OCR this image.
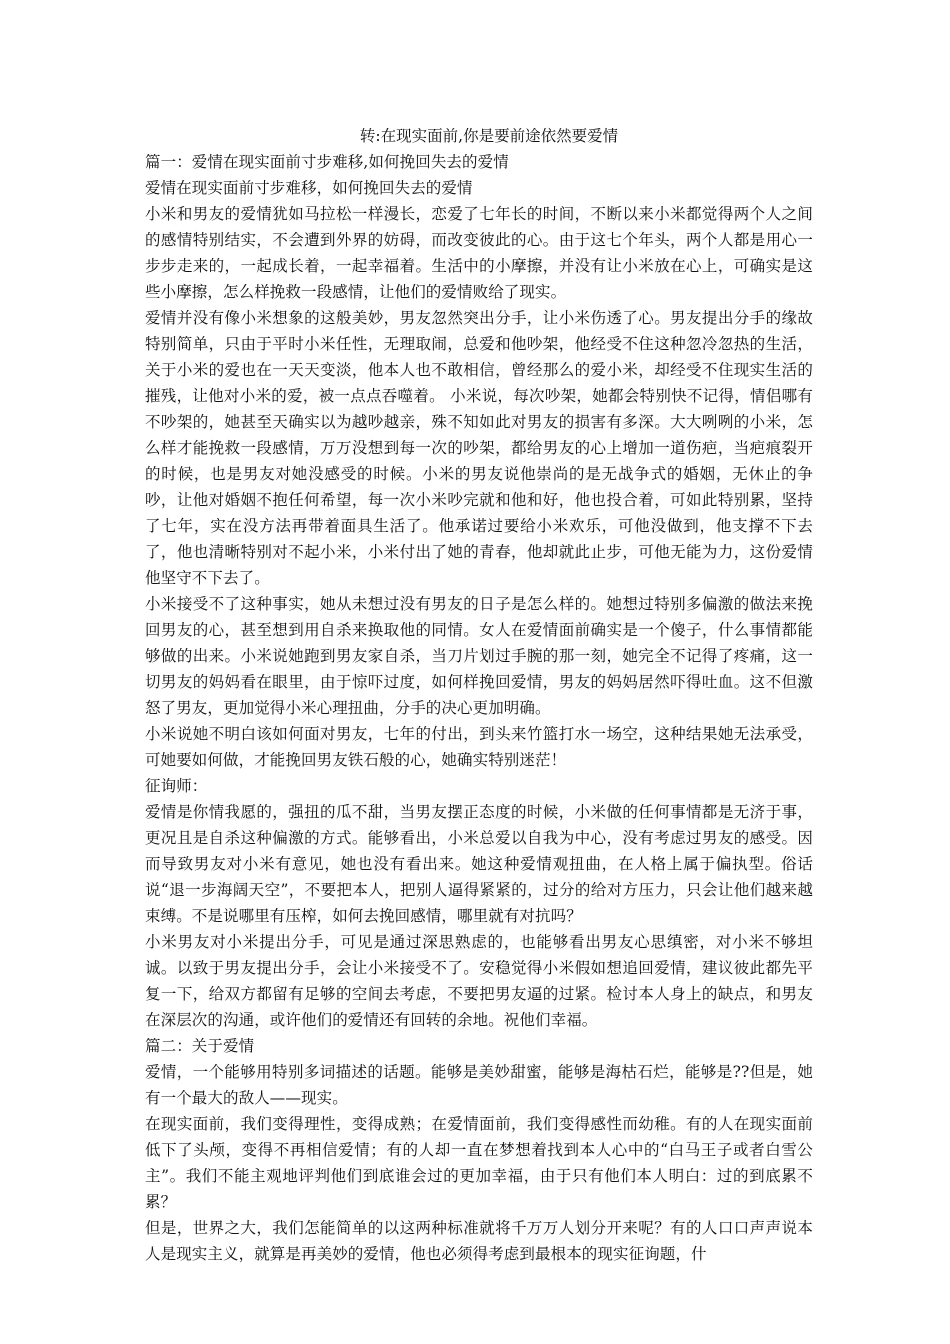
转:在现实面前,你是要前途依然要爱情

篇一：爱情在现实面前寸步难移,如何挽回失去的爱情

爱情在现实面前寸步难移，如何挽回失去的爱情

小米和男友的爱情犹如马拉松一样漫长，恋爱了七年长的时间，不断以来小米都觉得两个人之间的感情特别结实，不会遭到外界的妨碍，而改变彼此的心。由于这七个年头，两个人都是用心一步步走来的，一起成长着，一起幸福着。生活中的小摩擦，并没有让小米放在心上，可确实是这些小摩擦，怎么样挽救一段感情，让他们的爱情败给了现实。

爱情并没有像小米想象的这般美妙，男友忽然突出分手，让小米伤透了心。男友提出分手的缘故特别简单，只由于平时小米任性，无理取闹，总爱和他吵架，他经受不住这种忽冷忽热的生活，关于小米的爱也在一天天变淡，他本人也不敢相信，曾经那么的爱小米，却经受不住现实生活的摧残，让他对小米的爱，被一点点吞噬着。 小米说，每次吵架，她都会特别快不记得，情侣哪有不吵架的，她甚至天确实以为越吵越亲，殊不知如此对男友的损害有多深。大大咧咧的小米，怎么样才能挽救一段感情，万万没想到每一次的吵架，都给男友的心上增加一道伤疤，当疤痕裂开的时候，也是男友对她没感受的时候。小米的男友说他崇尚的是无战争式的婚姻，无休止的争吵，让他对婚姻不抱任何希望，每一次小米吵完就和他和好，他也投合着，可如此特别累，坚持了七年，实在没方法再带着面具生活了。他承诺过要给小米欢乐，可他没做到，他支撑不下去了，他也清晰特别对不起小米，小米付出了她的青春，他却就此止步，可他无能为力，这份爱情他坚守不下去了。

小米接受不了这种事实，她从未想过没有男友的日子是怎么样的。她想过特别多偏激的做法来挽回男友的心，甚至想到用自杀来换取他的同情。女人在爱情面前确实是一个傻子，什么事情都能够做的出来。小米说她跑到男友家自杀，当刀片划过手腕的那一刻，她完全不记得了疼痛，这一切男友的妈妈看在眼里，由于惊吓过度，如何样挽回爱情，男友的妈妈居然吓得吐血。这不但激怒了男友，更加觉得小米心理扭曲，分手的决心更加明确。

小米说她不明白该如何面对男友，七年的付出，到头来竹篮打水一场空，这种结果她无法承受，可她要如何做，才能挽回男友铁石般的心，她确实特别迷茫！

征询师：

爱情是你情我愿的，强扭的瓜不甜，当男友摆正态度的时候，小米做的任何事情都是无济于事，更况且是自杀这种偏激的方式。能够看出，小米总爱以自我为中心，没有考虑过男友的感受。因而导致男友对小米有意见，她也没有看出来。她这种爱情观扭曲，在人格上属于偏执型。俗话说“退一步海阔天空”，不要把本人，把别人逼得紧紧的，过分的给对方压力，只会让他们越来越束缚。不是说哪里有压榨，如何去挽回感情，哪里就有对抗吗？

小米男友对小米提出分手，可见是通过深思熟虑的，也能够看出男友心思缜密，对小米不够坦诚。以致于男友提出分手，会让小米接受不了。安稳觉得小米假如想追回爱情，建议彼此都先平复一下，给双方都留有足够的空间去考虑，不要把男友逼的过紧。检讨本人身上的缺点，和男友在深层次的沟通，或许他们的爱情还有回转的余地。祝他们幸福。

篇二：关于爱情

爱情，一个能够用特别多词描述的话题。能够是美妙甜蜜，能够是海枯石烂，能够是??但是，她有一个最大的敌人——现实。

在现实面前，我们变得理性，变得成熟；在爱情面前，我们变得感性而幼稚。有的人在现实面前低下了头颅，变得不再相信爱情；有的人却一直在梦想着找到本人心中的“白马王子或者白雪公主”。我们不能主观地评判他们到底谁会过的更加幸福，由于只有他们本人明白：过的到底累不累？

但是，世界之大，我们怎能简单的以这两种标准就将千万万人划分开来呢？有的人口口声声说本人是现实主义，就算是再美妙的爱情，他也必须得考虑到最根本的现实征询题，什
